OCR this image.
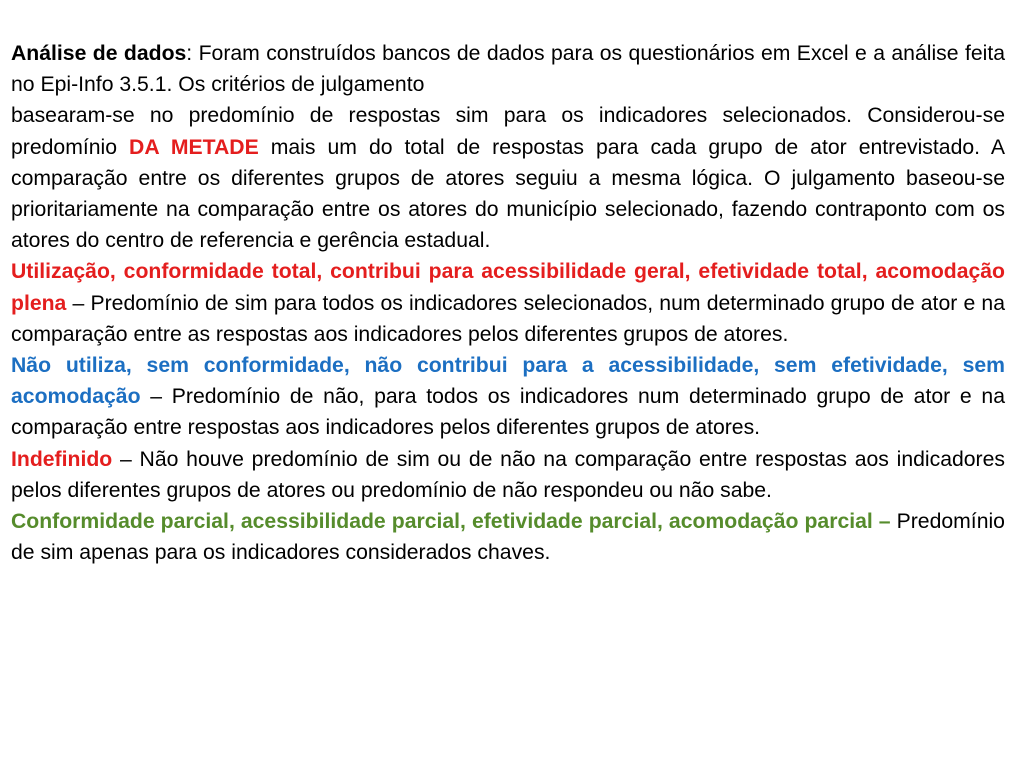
Análise de dados: Foram construídos bancos de dados para os questionários em Excel e a análise feita no Epi-Info 3.5.1. Os critérios de julgamento
basearam-se no predomínio de respostas sim para os indicadores selecionados. Considerou-se predomínio DA METADE mais um do total de respostas para cada grupo de ator entrevistado. A comparação entre os diferentes grupos de atores seguiu a mesma lógica. O julgamento baseou-se prioritariamente na comparação entre os atores do município selecionado, fazendo contraponto com os atores do centro de referencia e gerência estadual.

Utilização, conformidade total, contribui para acessibilidade geral, efetividade total, acomodação plena – Predomínio de sim para todos os indicadores selecionados, num determinado grupo de ator e na comparação entre as respostas aos indicadores pelos diferentes grupos de atores.

Não utiliza, sem conformidade, não contribui para a acessibilidade, sem efetividade, sem acomodação – Predomínio de não, para todos os indicadores num determinado grupo de ator e na comparação entre respostas aos indicadores pelos diferentes grupos de atores.

Indefinido – Não houve predomínio de sim ou de não na comparação entre respostas aos indicadores pelos diferentes grupos de atores ou predomínio de não respondeu ou não sabe.

Conformidade parcial, acessibilidade parcial, efetividade parcial, acomodação parcial – Predomínio de sim apenas para os indicadores considerados chaves.
